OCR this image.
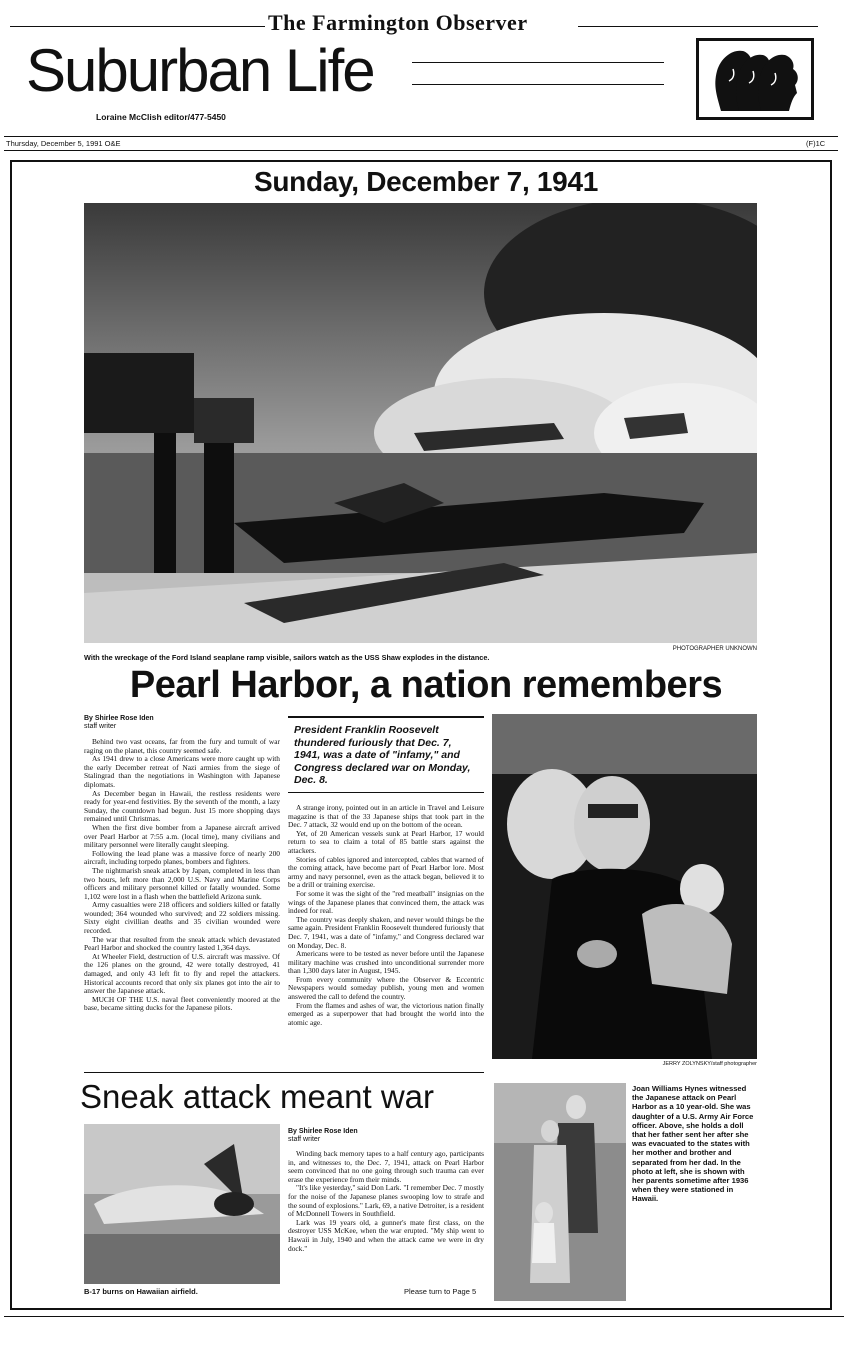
The Farmington Observer
Suburban Life
Loraine McClish editor/477-5450
Thursday, December 5, 1991 O&E	(F)1C
Sunday, December 7, 1941
PHOTOGRAPHER UNKNOWN
With the wreckage of the Ford Island seaplane ramp visible, sailors watch as the USS Shaw explodes in the distance.
Pearl Harbor, a nation remembers
By Shirlee Rose Iden
staff writer

Behind two vast oceans, far from the fury and tumult of war raging on the planet, this country seemed safe.

As 1941 drew to a close Americans were more caught up with the early December retreat of Nazi armies from the siege of Stalingrad than the negotiations in Washington with Japanese diplomats.

As December began in Hawaii, the restless residents were ready for year-end festivities. By the seventh of the month, a lazy Sunday, the countdown had begun. Just 15 more shopping days remained until Christmas.

When the first dive bomber from a Japanese aircraft arrived over Pearl Harbor at 7:55 a.m. (local time), many civilians and military personnel were literally caught sleeping.

Following the lead plane was a massive force of nearly 200 aircraft, including torpedo planes, bombers and fighters.

The nightmarish sneak attack by Japan, completed in less than two hours, left more than 2,000 U.S. Navy and Marine Corps officers and military personnel killed or fatally wounded. Some 1,102 were lost in a flash when the battlefield Arizona sunk.

Army casualties were 218 officers and soldiers killed or fatally wounded; 364 wounded who survived; and 22 soldiers missing. Sixty eight civillian deaths and 35 civilian wounded were recorded.

The war that resulted from the sneak attack which devastated Pearl Harbor and shocked the country lasted 1,364 days.

At Wheeler Field, destruction of U.S. aircraft was massive. Of the 126 planes on the ground, 42 were totally destroyed, 41 damaged, and only 43 left fit to fly and repel the attackers. Historical accounts record that only six planes got into the air to answer the Japanese attack.

MUCH OF THE U.S. naval fleet conveniently moored at the base, became sitting ducks for the Japanese pilots.

President Franklin Roosevelt thundered furiously that Dec. 7, 1941, was a date of "infamy," and Congress declared war on Monday, Dec. 8.

A strange irony, pointed out in an article in Travel and Leisure magazine is that of the 33 Japanese ships that took part in the Dec. 7 attack, 32 would end up on the bottom of the ocean.

Yet, of 20 American vessels sunk at Pearl Harbor, 17 would return to sea to claim a total of 85 battle stars against the attackers.

Stories of cables ignored and intercepted, cables that warned of the coming attack, have become part of Pearl Harbor lore. Most army and navy personnel, even as the attack began, believed it to be a drill or training exercise.

For some it was the sight of the "red meatball" insignias on the wings of the Japanese planes that convinced them, the attack was indeed for real.

The country was deeply shaken, and never would things be the same again. President Franklin Roosevelt thundered furiously that Dec. 7, 1941, was a date of "infamy," and Congress declared war on Monday, Dec. 8.

Americans were to be tested as never before until the Japanese military machine was crushed into unconditional surrender more than 1,300 days later in August, 1945.

From every community where the Observer & Eccentric Newspapers would someday publish, young men and women answered the call to defend the country.

From the flames and ashes of war, the victorious nation finally emerged as a superpower that had brought the world into the atomic age.

JERRY ZOLYNSKY/staff photographer
Sneak attack meant war
B-17 burns on Hawaiian airfield.
By Shirlee Rose Iden
staff writer

Winding back memory tapes to a half century ago, participants in, and witnesses to, the Dec. 7, 1941, attack on Pearl Harbor seem convinced that no one going through such trauma can ever erase the experience from their minds.

"It's like yesterday," said Don Lark. "I remember Dec. 7 mostly for the noise of the Japanese planes swooping low to strafe and the sound of explosions." Lark, 69, a native Detroiter, is a resident of McDonnell Towers in Southfield.

Lark was 19 years old, a gunner's mate first class, on the destroyer USS McKee, when the war erupted. "My ship went to Hawaii in July, 1940 and when the attack came we were in dry dock."

Please turn to Page 5
Joan Williams Hynes witnessed the Japanese attack on Pearl Harbor as a 10 year-old. She was daughter of a U.S. Army Air Force officer. Above, she holds a doll that her father sent her after she was evacuated to the states with her mother and brother and separated from her dad. In the photo at left, she is shown with her parents sometime after 1936 when they were stationed in Hawaii.
